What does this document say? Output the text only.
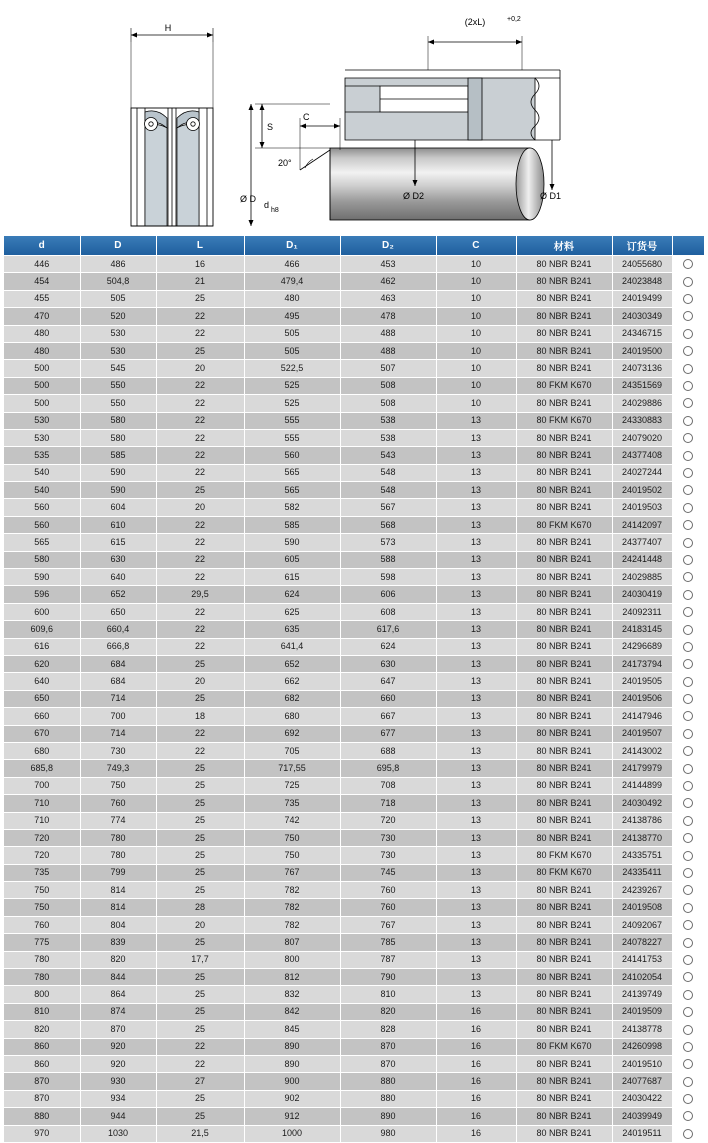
H
(2xL)	+0,2
20°
S
C
Ø D
d
h8
Ø D2	Ø D1
d	D	L	D₁	D₂	C	材料	订货号	
446	486	16	466	453	10	80 NBR B241	24055680	
454	504,8	21	479,4	462	10	80 NBR B241	24023848	
455	505	25	480	463	10	80 NBR B241	24019499	
470	520	22	495	478	10	80 NBR B241	24030349	
480	530	22	505	488	10	80 NBR B241	24346715	
480	530	25	505	488	10	80 NBR B241	24019500	
500	545	20	522,5	507	10	80 NBR B241	24073136	
500	550	22	525	508	10	80 FKM K670	24351569	
500	550	22	525	508	10	80 NBR B241	24029886	
530	580	22	555	538	13	80 FKM K670	24330883	
530	580	22	555	538	13	80 NBR B241	24079020	
535	585	22	560	543	13	80 NBR B241	24377408	
540	590	22	565	548	13	80 NBR B241	24027244	
540	590	25	565	548	13	80 NBR B241	24019502	
560	604	20	582	567	13	80 NBR B241	24019503	
560	610	22	585	568	13	80 FKM K670	24142097	
565	615	22	590	573	13	80 NBR B241	24377407	
580	630	22	605	588	13	80 NBR B241	24241448	
590	640	22	615	598	13	80 NBR B241	24029885	
596	652	29,5	624	606	13	80 NBR B241	24030419	
600	650	22	625	608	13	80 NBR B241	24092311	
609,6	660,4	22	635	617,6	13	80 NBR B241	24183145	
616	666,8	22	641,4	624	13	80 NBR B241	24296689	
620	684	25	652	630	13	80 NBR B241	24173794	
640	684	20	662	647	13	80 NBR B241	24019505	
650	714	25	682	660	13	80 NBR B241	24019506	
660	700	18	680	667	13	80 NBR B241	24147946	
670	714	22	692	677	13	80 NBR B241	24019507	
680	730	22	705	688	13	80 NBR B241	24143002	
685,8	749,3	25	717,55	695,8	13	80 NBR B241	24179979	
700	750	25	725	708	13	80 NBR B241	24144899	
710	760	25	735	718	13	80 NBR B241	24030492	
710	774	25	742	720	13	80 NBR B241	24138786	
720	780	25	750	730	13	80 NBR B241	24138770	
720	780	25	750	730	13	80 FKM K670	24335751	
735	799	25	767	745	13	80 FKM K670	24335411	
750	814	25	782	760	13	80 NBR B241	24239267	
750	814	28	782	760	13	80 NBR B241	24019508	
760	804	20	782	767	13	80 NBR B241	24092067	
775	839	25	807	785	13	80 NBR B241	24078227	
780	820	17,7	800	787	13	80 NBR B241	24141753	
780	844	25	812	790	13	80 NBR B241	24102054	
800	864	25	832	810	13	80 NBR B241	24139749	
810	874	25	842	820	16	80 NBR B241	24019509	
820	870	25	845	828	16	80 NBR B241	24138778	
860	920	22	890	870	16	80 FKM K670	24260998	
860	920	22	890	870	16	80 NBR B241	24019510	
870	930	27	900	880	16	80 NBR B241	24077687	
870	934	25	902	880	16	80 NBR B241	24030422	
880	944	25	912	890	16	80 NBR B241	24039949	
970	1030	21,5	1000	980	16	80 NBR B241	24019511	
